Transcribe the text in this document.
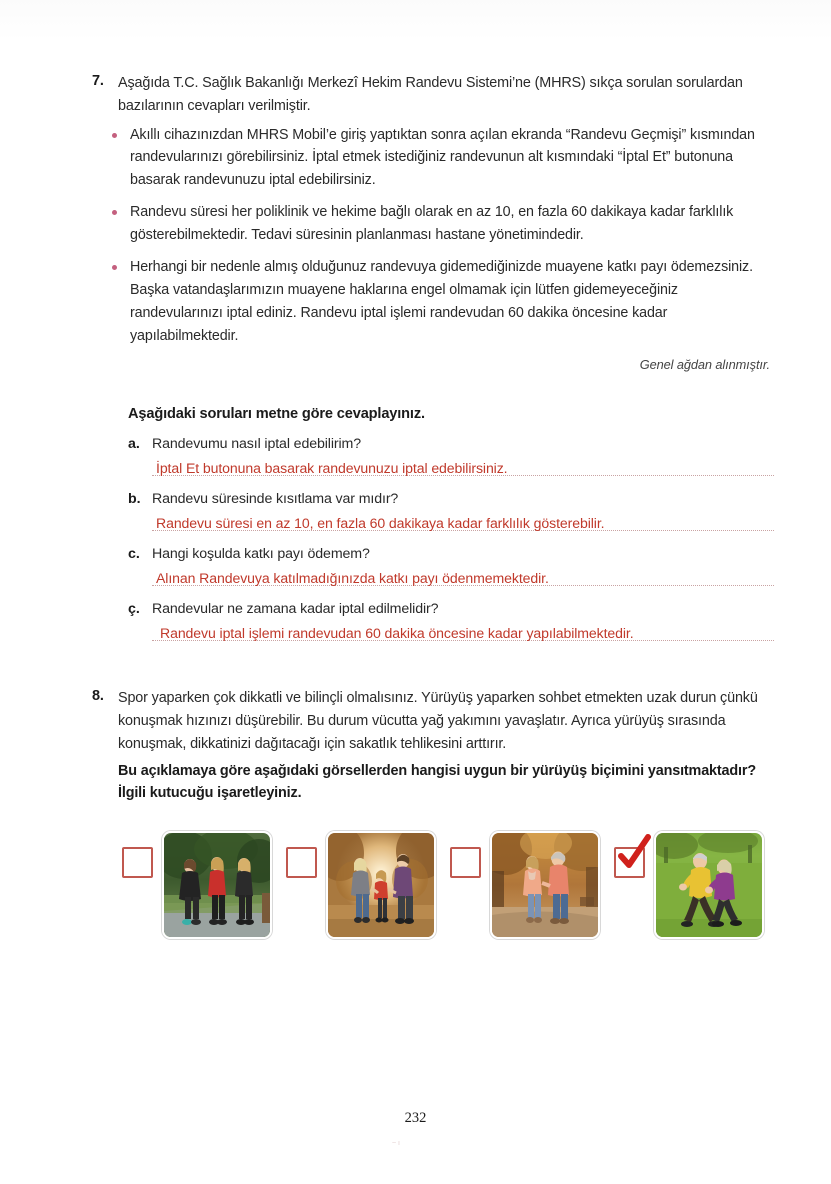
7. Aşağıda T.C. Sağlık Bakanlığı Merkezî Hekim Randevu Sistemi’ne (MHRS) sıkça sorulan sorulardan bazılarının cevapları verilmiştir.
Akıllı cihazınızdan MHRS Mobil’e giriş yaptıktan sonra açılan ekranda “Randevu Geçmişi” kısmından randevularınızı görebilirsiniz. İptal etmek istediğiniz randevunun alt kısmındaki “İptal Et” butonuna basarak randevunuzu iptal edebilirsiniz.
Randevu süresi her poliklinik ve hekime bağlı olarak en az 10, en fazla 60 dakikaya kadar farklılık gösterebilmektedir. Tedavi süresinin planlanması hastane yönetimindedir.
Herhangi bir nedenle almış olduğunuz randevuya gidemediğinizde muayene katkı payı ödemezsiniz. Başka vatandaşlarımızın muayene haklarına engel olmamak için lütfen gidemeyeceğiniz randevularınızı iptal ediniz. Randevu iptal işlemi randevudan 60 dakika öncesine kadar yapılabilmektedir.
Genel ağdan alınmıştır.
Aşağıdaki soruları metne göre cevaplayınız.
a. Randevumu nasıl iptal edebilirim?
İptal Et butonuna basarak randevunuzu iptal edebilirsiniz.
b. Randevu süresinde kısıtlama var mıdır?
Randevu süresi en az 10, en fazla 60 dakikaya kadar farklılık gösterebilir.
c. Hangi koşulda katkı payı ödemem?
Alınan Randevuya katılmadığınızda katkı payı ödenmemektedir.
ç. Randevular ne zamana kadar iptal edilmelidir?
Randevu iptal işlemi randevudan 60 dakika öncesine kadar yapılabilmektedir.
8. Spor yaparken çok dikkatli ve bilinçli olmalısınız. Yürüyüş yaparken sohbet etmekten uzak durun çünkü konuşmak hızınızı düşürebilir. Bu durum vücutta yağ yakımını yavaşlatır. Ayrıca yürüyüş sırasında konuşmak, dikkatinizi dağıtacağı için sakatlık tehlikesini arttırır.
Bu açıklamaya göre aşağıdaki görsellerden hangisi uygun bir yürüyüş biçimini yansıtmaktadır? İlgili kutucuğu işaretleyiniz.
232
~ ı
